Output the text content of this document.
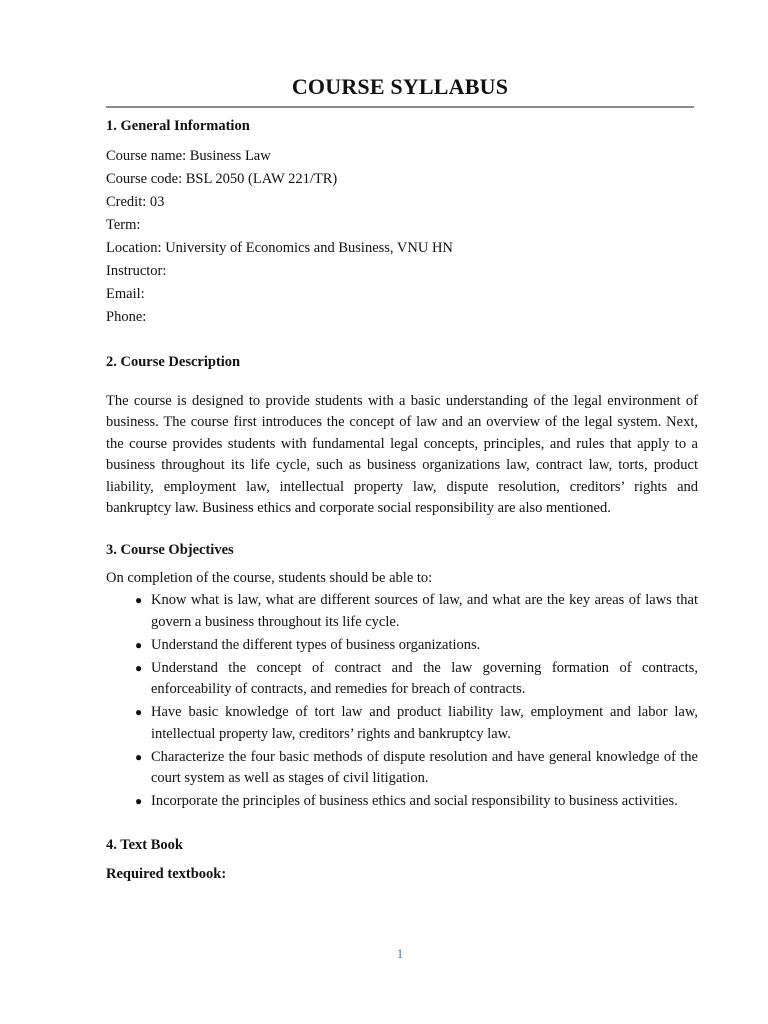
COURSE SYLLABUS

1. General Information

Course name: Business Law

Course code: BSL 2050 (LAW 221/TR)

Credit: 03

Term:

Location: University of Economics and Business, VNU HN

Instructor:

Email:

Phone:

2. Course Description

The course is designed to provide students with a basic understanding of the legal environment of business. The course first introduces the concept of law and an overview of the legal system. Next, the course provides students with fundamental legal concepts, principles, and rules that apply to a business throughout its life cycle, such as business organizations law, contract law, torts, product liability, employment law, intellectual property law, dispute resolution, creditors’ rights and bankruptcy law. Business ethics and corporate social responsibility are also mentioned.

3. Course Objectives

On completion of the course, students should be able to:

● Know what is law, what are different sources of law, and what are the key areas of laws that govern a business throughout its life cycle.
● Understand the different types of business organizations.
● Understand the concept of contract and the law governing formation of contracts, enforceability of contracts, and remedies for breach of contracts.
● Have basic knowledge of tort law and product liability law, employment and labor law, intellectual property law, creditors’ rights and bankruptcy law.
● Characterize the four basic methods of dispute resolution and have general knowledge of the court system as well as stages of civil litigation.
● Incorporate the principles of business ethics and social responsibility to business activities.

4. Text Book

Required textbook:

1
